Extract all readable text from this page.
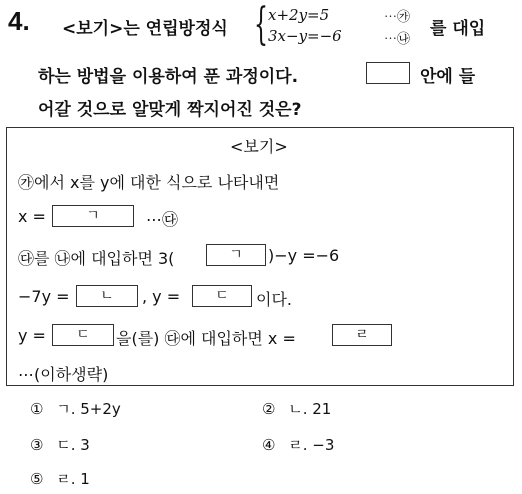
4. <보기>는 연립방정식 { x+2y=5	⋯㉮
3x−y=−6	⋯㉯
를 대입
하는 방법을 이용하여 푼 과정이다.	안에 들
어갈 것으로 알맞게 짝지어진 것은?
<보기>
㉮에서 x를 y에 대한 식으로 나타내면
x =	ㄱ	⋯㉰
㉰를 ㉯에 대입하면 3(	ㄱ	)−y =−6
−7y =	ㄴ	, y =	ㄷ	이다.
y =	ㄷ	을(를) ㉰에 대입하면 x =	ㄹ
⋯(이하생략)
① ㄱ. 5+2y	② ㄴ. 21
③ ㄷ. 3	④ ㄹ. −3
⑤ ㄹ. 1
